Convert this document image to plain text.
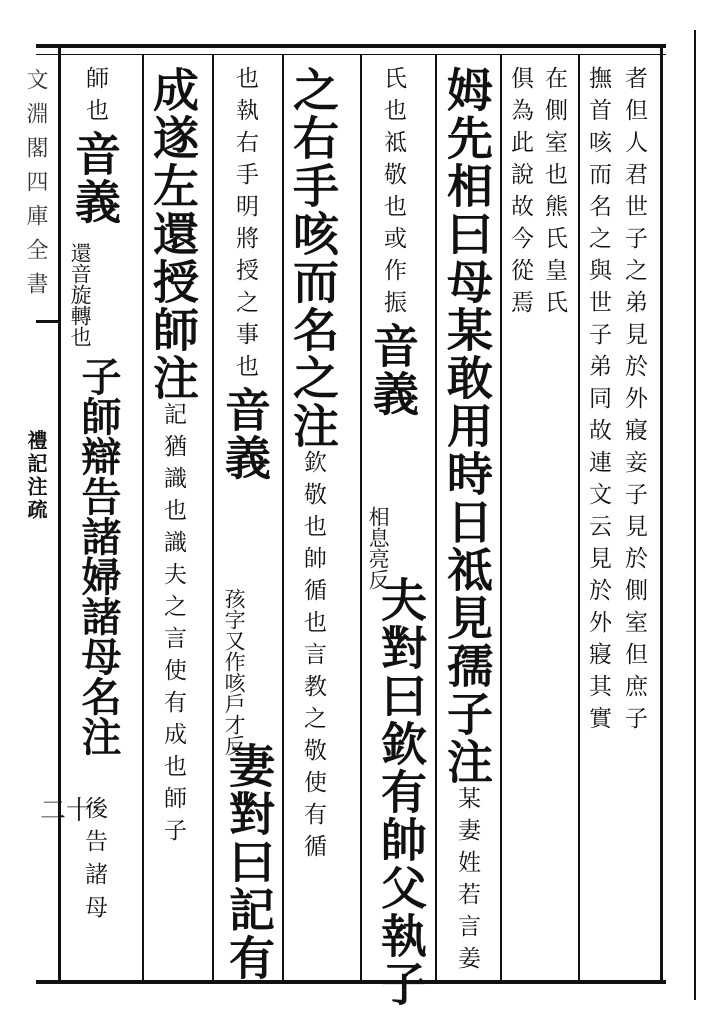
文淵閣四庫全書
禮記注疏
二十
者但人君世子之弟見於外寢妾子見於側室但庶子
撫首咳而名之與世子弟同故連文云見於外寢其實
在側室也熊氏皇氏
俱為此說故今從焉
姆先相曰母某敢用時日祗見孺子注某妻姓若言姜
氏也祗敬也或作振音義
相息亮反
夫對曰欽有帥父執子
之右手咳而名之注欽敬也帥循也言教之敬使有循
也執右手明將授之事也音義
孩字又作咳戶才反
妻對曰記有
成遂左還授師注記猶識也識夫之言使有成也師子
師也音義
還音旋轉也
子師辯告諸婦諸母名注
後告諸母
